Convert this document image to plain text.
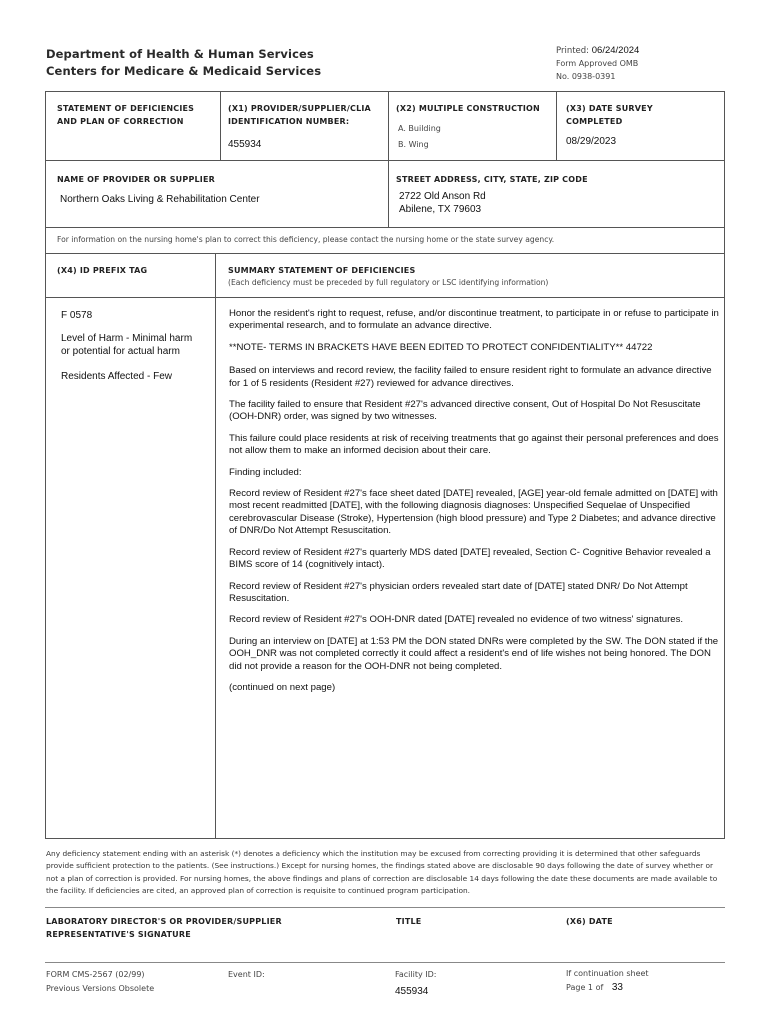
Department of Health & Human Services
Centers for Medicare & Medicaid Services
Printed: 06/24/2024
Form Approved OMB
No. 0938-0391
STATEMENT OF DEFICIENCIES AND PLAN OF CORRECTION
(X1) PROVIDER/SUPPLIER/CLIA IDENTIFICATION NUMBER:
455934
(X2) MULTIPLE CONSTRUCTION
A. Building
B. Wing
(X3) DATE SURVEY COMPLETED
08/29/2023
NAME OF PROVIDER OR SUPPLIER
Northern Oaks Living & Rehabilitation Center
STREET ADDRESS, CITY, STATE, ZIP CODE
2722 Old Anson Rd
Abilene, TX 79603
For information on the nursing home's plan to correct this deficiency, please contact the nursing home or the state survey agency.
(X4) ID PREFIX TAG	SUMMARY STATEMENT OF DEFICIENCIES
(Each deficiency must be preceded by full regulatory or LSC identifying information)
F 0578
Level of Harm - Minimal harm
or potential for actual harm
Residents Affected - Few

Honor the resident's right to request, refuse, and/or discontinue treatment, to participate in or refuse to participate in experimental research, and to formulate an advance directive.

**NOTE- TERMS IN BRACKETS HAVE BEEN EDITED TO PROTECT CONFIDENTIALITY** 44722

Based on interviews and record review, the facility failed to ensure resident right to formulate an advance directive for 1 of 5 residents (Resident #27) reviewed for advance directives.

The facility failed to ensure that Resident #27's advanced directive consent, Out of Hospital Do Not Resuscitate (OOH-DNR) order, was signed by two witnesses.

This failure could place residents at risk of receiving treatments that go against their personal preferences and does not allow them to make an informed decision about their care.

Finding included:

Record review of Resident #27's face sheet dated [DATE] revealed, [AGE] year-old female admitted on [DATE] with most recent readmitted [DATE], with the following diagnosis diagnoses: Unspecified Sequelae of Unspecified cerebrovascular Disease (Stroke), Hypertension (high blood pressure) and Type 2 Diabetes; and advance directive of DNR/Do Not Attempt Resuscitation.

Record review of Resident #27's quarterly MDS dated [DATE] revealed, Section C- Cognitive Behavior revealed a BIMS score of 14 (cognitively intact).

Record review of Resident #27's physician orders revealed start date of [DATE] stated DNR/ Do Not Attempt Resuscitation.

Record review of Resident #27's OOH-DNR dated [DATE] revealed no evidence of two witness' signatures.

During an interview on [DATE] at 1:53 PM the DON stated DNRs were completed by the SW. The DON stated if the OOH_DNR was not completed correctly it could affect a resident's end of life wishes not being honored. The DON did not provide a reason for the OOH-DNR not being completed.

(continued on next page)

Any deficiency statement ending with an asterisk (*) denotes a deficiency which the institution may be excused from correcting providing it is determined that other safeguards provide sufficient protection to the patients. (See instructions.) Except for nursing homes, the findings stated above are disclosable 90 days following the date of survey whether or not a plan of correction is provided. For nursing homes, the above findings and plans of correction are disclosable 14 days following the date these documents are made available to the facility. If deficiencies are cited, an approved plan of correction is requisite to continued program participation.
LABORATORY DIRECTOR'S OR PROVIDER/SUPPLIER REPRESENTATIVE'S SIGNATURE
TITLE	(X6) DATE
FORM CMS-2567 (02/99)
Previous Versions Obsolete
Event ID:	Facility ID:
455934
If continuation sheet
Page 1 of 33
